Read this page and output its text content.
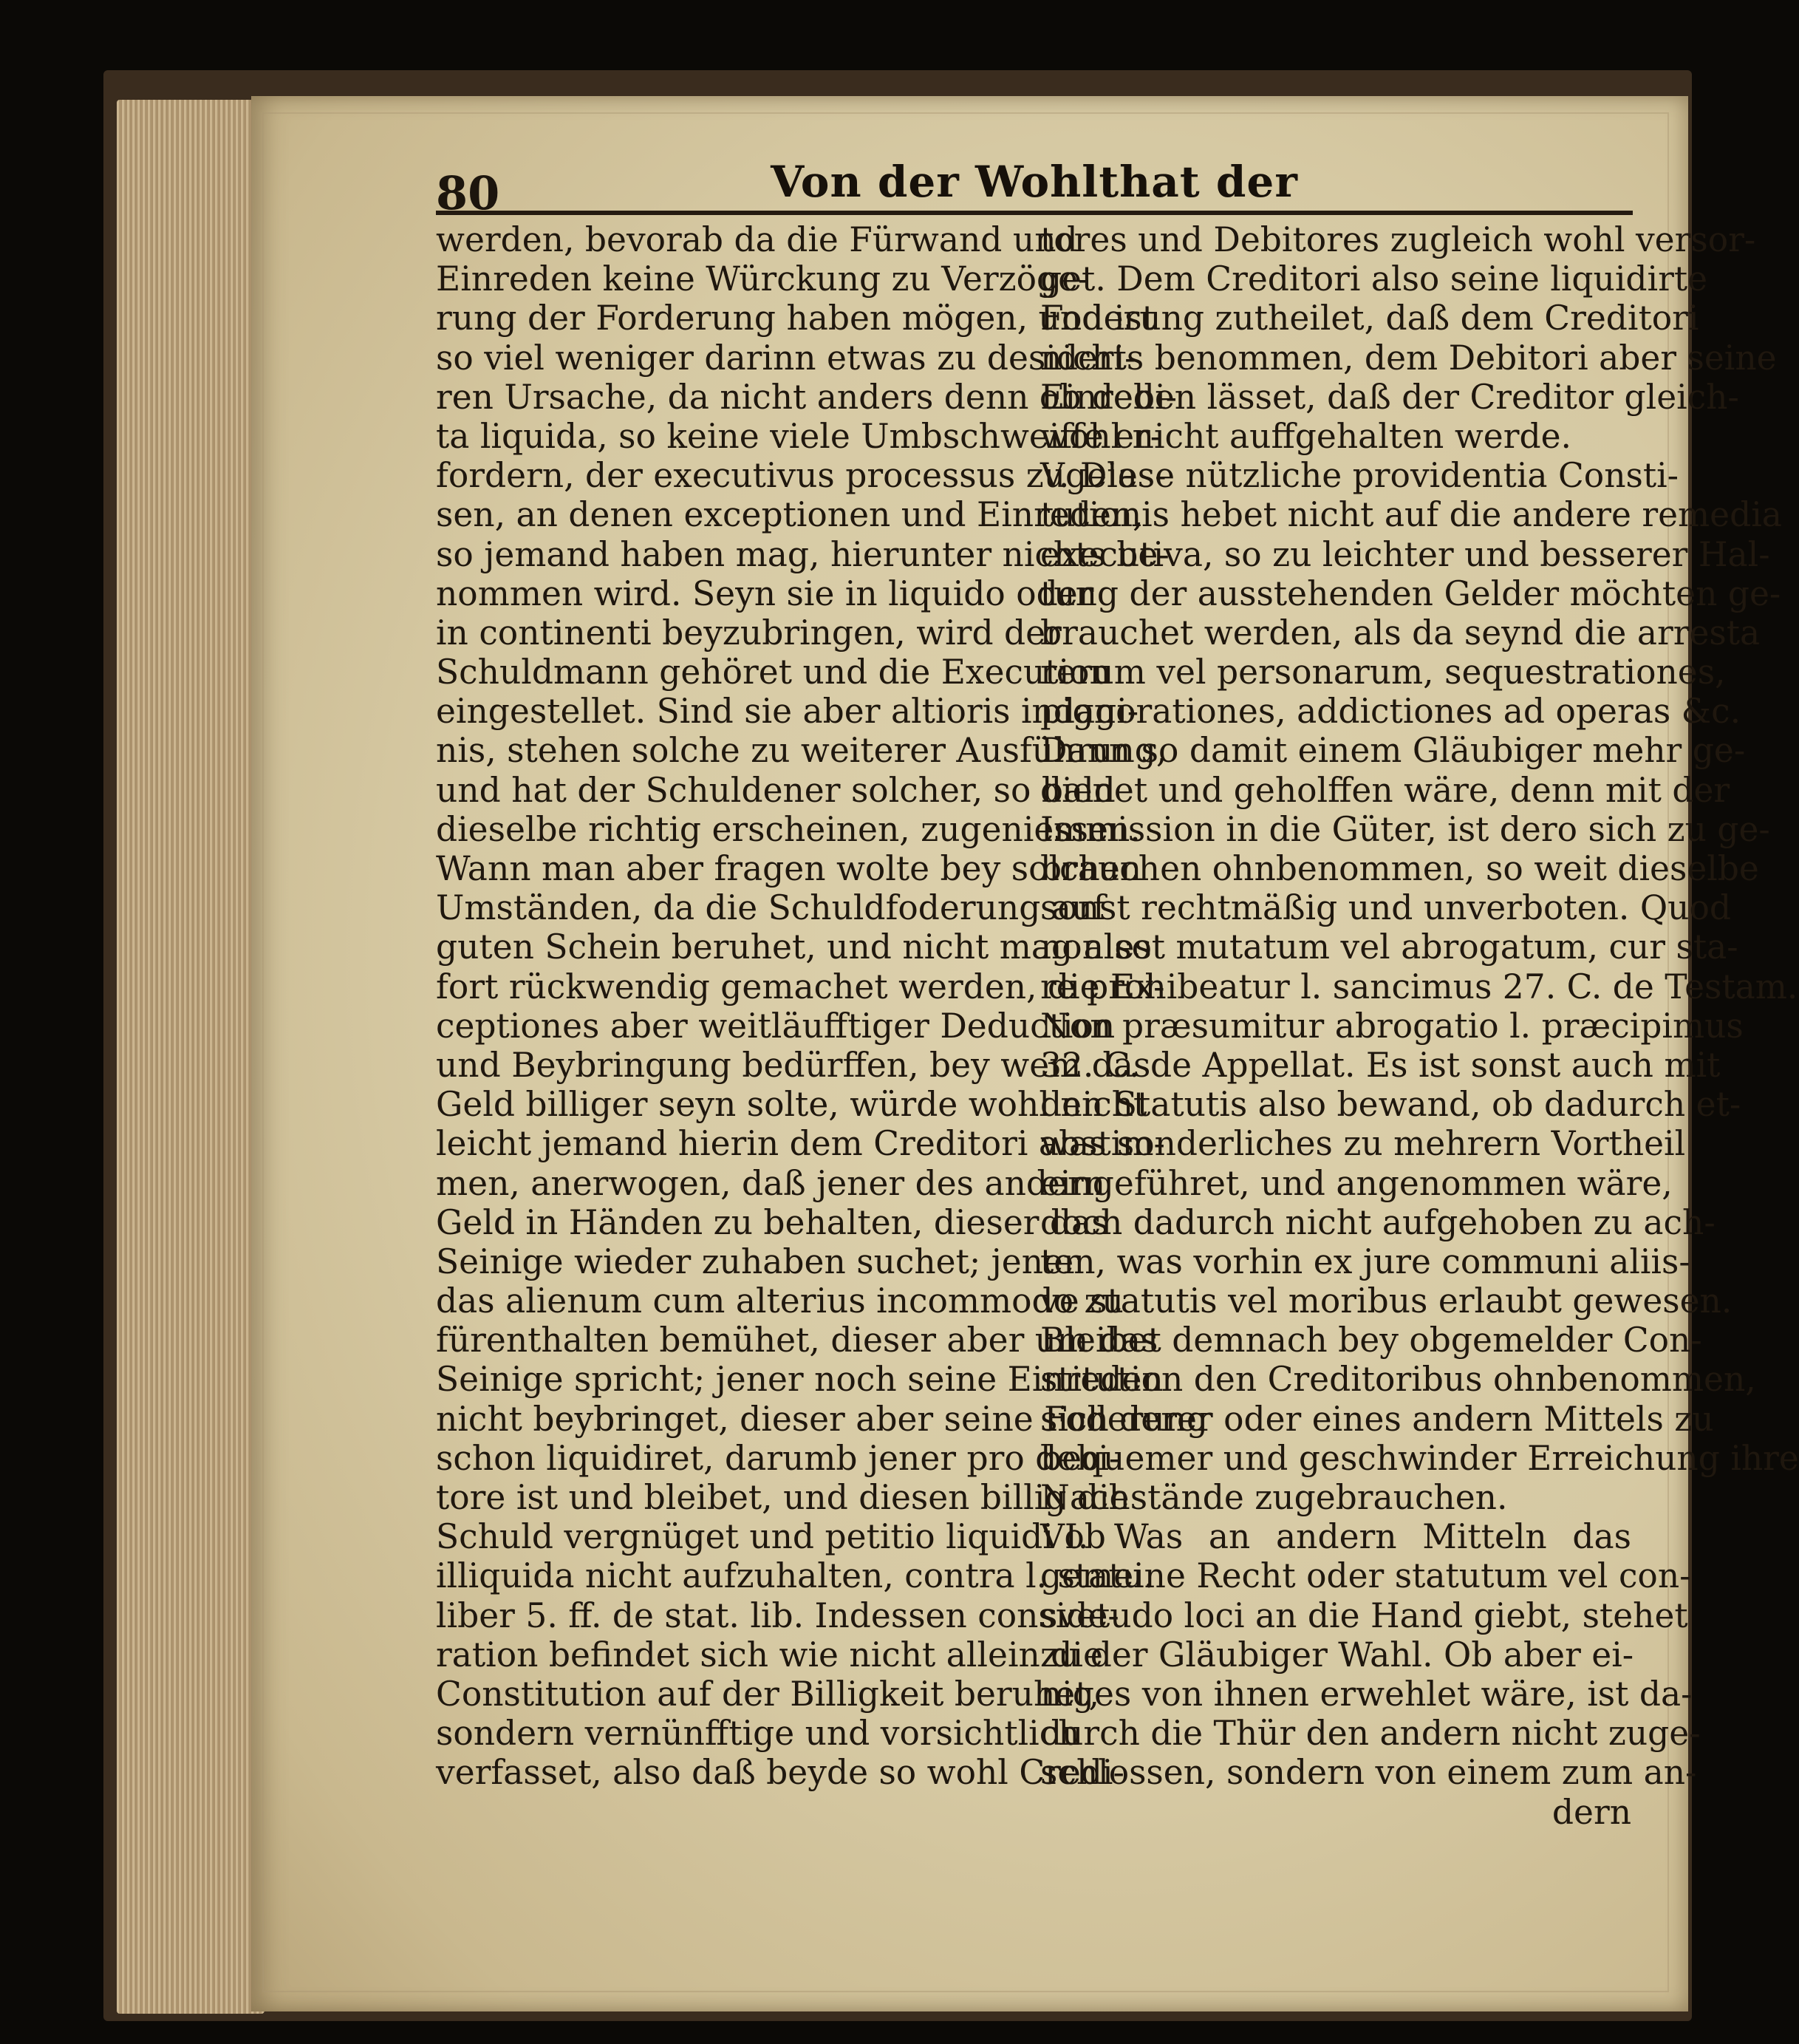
80	Von der Wohlthat der
werden, bevorab da die Fürwand und
Einreden keine Würckung zu Verzöge-
rung der Forderung haben mögen, und ist
so viel weniger darinn etwas zu desideri-
ren Ursache, da nicht anders denn ob debi-
ta liquida, so keine viele Umbschweiffe er-
fordern, der executivus processus zugelas-
sen, an denen exceptionen und Einreden,
so jemand haben mag, hierunter nichts be-
nommen wird. Seyn sie in liquido oder
in continenti beyzubringen, wird der
Schuldmann gehöret und die Execution
eingestellet. Sind sie aber altioris indagi-
nis, stehen solche zu weiterer Ausführung,
und hat der Schuldener solcher, so bald
dieselbe richtig erscheinen, zugeniessen.
Wann man aber fragen wolte bey solchen
Umständen, da die Schuldfoderung auf
guten Schein beruhet, und nicht mag also
fort rückwendig gemachet werden, die Ex-
ceptiones aber weitläufftiger Deduction
und Beybringung bedürffen, bey wem das
Geld billiger seyn solte, würde wohl nicht
leicht jemand hierin dem Creditori abstim-
men, anerwogen, daß jener des andern
Geld in Händen zu behalten, dieser das
Seinige wieder zuhaben suchet; jener
das alienum cum alterius incommodo zu
fürenthalten bemühet, dieser aber um das
Seinige spricht; jener noch seine Einreden
nicht beybringet, dieser aber seine Foderung
schon liquidiret, darumb jener pro debi-
tore ist und bleibet, und diesen billig die
Schuld vergnüget und petitio liquidi ob
illiquida nicht aufzuhalten, contra l. statu.
liber 5. ff. de stat. lib. Indessen conside-
ration befindet sich wie nicht allein die
Constitution auf der Billigkeit beruhet,
sondern vernünfftige und vorsichtlich
verfasset, also daß beyde so wohl Credi-
tores und Debitores zugleich wohl versor-
get. Dem Creditori also seine liquidirte
Foderung zutheilet, daß dem Creditori
nichts benommen, dem Debitori aber seine
Einreden lässet, daß der Creditor gleich-
wohl nicht auffgehalten werde.
V. Diese nützliche providentia Consti-
tutionis hebet nicht auf die andere remedia
executiva, so zu leichter und besserer Hal-
tung der ausstehenden Gelder möchten ge-
brauchet werden, als da seynd die arresta
rerum vel personarum, sequestrationes,
pignorationes, addictiones ad operas &c.
Dann so damit einem Gläubiger mehr ge-
dienet und geholffen wäre, denn mit der
Immission in die Güter, ist dero sich zu ge-
brauchen ohnbenommen, so weit dieselbe
sonst rechtmäßig und unverboten. Quod
non est mutatum vel abrogatum, cur sta-
re prohibeatur l. sancimus 27. C. de Testam.
Non præsumitur abrogatio l. præcipimus
32. C. de Appellat. Es ist sonst auch mit
den Statutis also bewand, ob dadurch et-
was sonderliches zu mehrern Vortheil
eingeführet, und angenommen wäre,
doch dadurch nicht aufgehoben zu ach-
ten, was vorhin ex jure communi aliis-
ve statutis vel moribus erlaubt gewesen.
Bleibet demnach bey obgemelder Con-
stitution den Creditoribus ohnbenommen,
sich derer oder eines andern Mittels zu
bequemer und geschwinder Erreichung ihre
Nachstände zugebrauchen.
VI. Was an andern Mitteln das
gemeine Recht oder statutum vel con-
svetudo loci an die Hand giebt, stehet
zu der Gläubiger Wahl. Ob aber ei-
niges von ihnen erwehlet wäre, ist da-
durch die Thür den andern nicht zuge-
schlossen, sondern von einem zum an-
dern
